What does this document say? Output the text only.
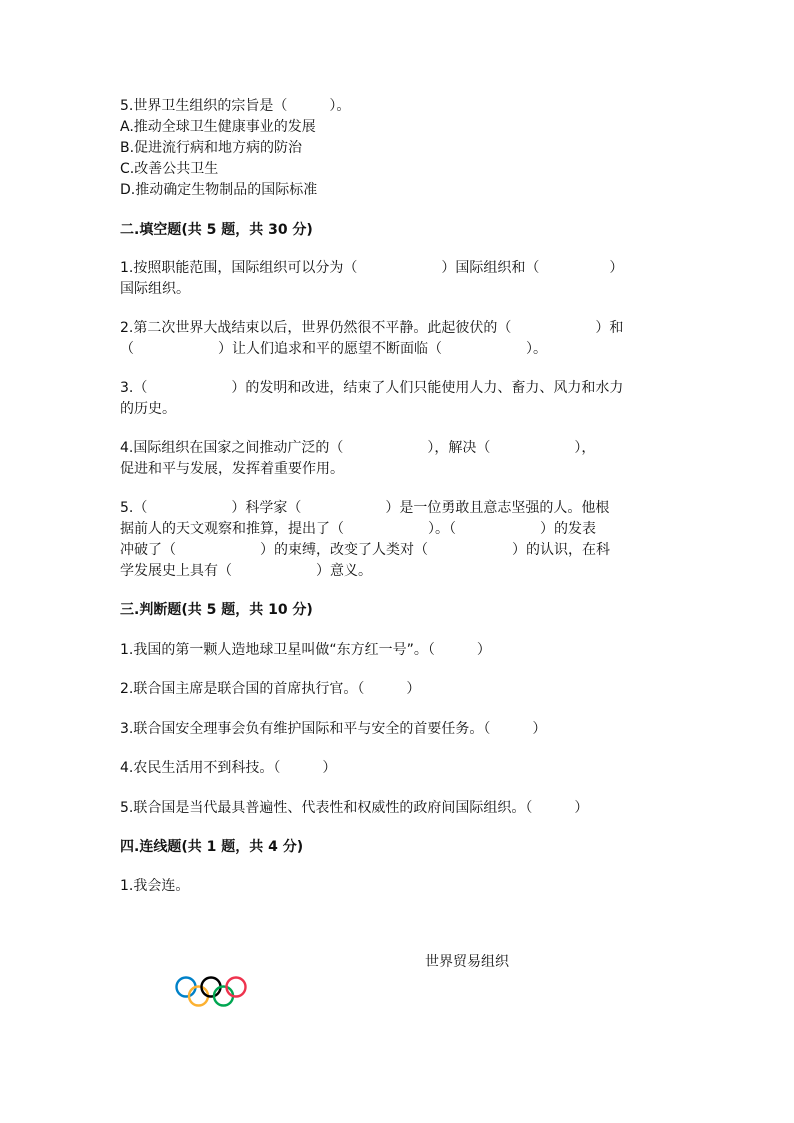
5.世界卫生组织的宗旨是（　　　）。
A.推动全球卫生健康事业的发展
B.促进流行病和地方病的防治
C.改善公共卫生
D.推动确定生物制品的国际标准
二.填空题(共 5 题，共 30 分)
1.按照职能范围，国际组织可以分为（　　　　　　）国际组织和（　　　　　）
国际组织。
2.第二次世界大战结束以后，世界仍然很不平静。此起彼伏的（　　　　　　）和
（　　　　　　）让人们追求和平的愿望不断面临（　　　　　　）。
3.（　　　　　　）的发明和改进，结束了人们只能使用人力、畜力、风力和水力
的历史。
4.国际组织在国家之间推动广泛的（　　　　　　），解决（　　　　　　），
促进和平与发展，发挥着重要作用。
5.（　　　　　　）科学家（　　　　　　）是一位勇敢且意志坚强的人。他根
据前人的天文观察和推算，提出了（　　　　　　）。（　　　　　　）的发表
冲破了（　　　　　　）的束缚，改变了人类对（　　　　　　）的认识，在科
学发展史上具有（　　　　　　）意义。
三.判断题(共 5 题，共 10 分)
1.我国的第一颗人造地球卫星叫做“东方红一号”。（　　　）
2.联合国主席是联合国的首席执行官。（　　　）
3.联合国安全理事会负有维护国际和平与安全的首要任务。（　　　）
4.农民生活用不到科技。（　　　）
5.联合国是当代最具普遍性、代表性和权威性的政府间国际组织。（　　　）
四.连线题(共 1 题，共 4 分)
1.我会连。
世界贸易组织
